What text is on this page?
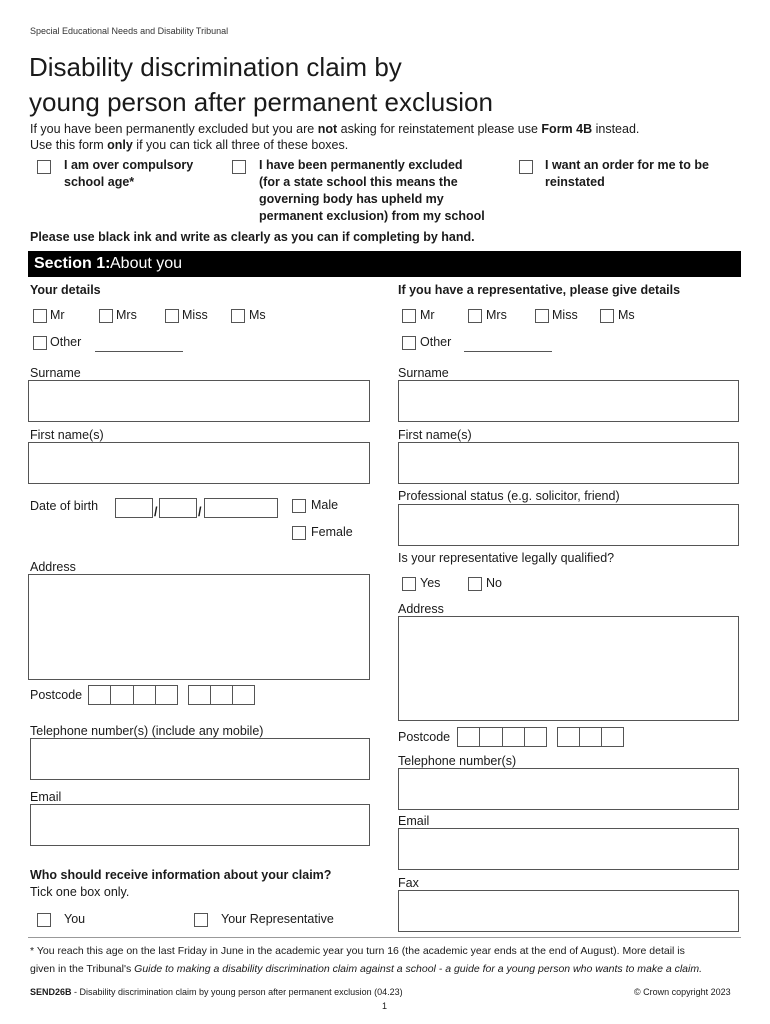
Special Educational Needs and Disability Tribunal
Disability discrimination claim by
young person after permanent exclusion
If you have been permanently excluded but you are not asking for reinstatement please use Form 4B instead.
Use this form only if you can tick all three of these boxes.
I am over compulsory
school age*
I have been permanently excluded
(for a state school this means the
governing body has upheld my
permanent exclusion) from my school
I want an order for me to be
reinstated
Please use black ink and write as clearly as you can if completing by hand.
Section 1: About you
Your details
Mr	Mrs	Miss	Ms
Other
Surname
First name(s)
Date of birth	/	/	Male
Female
Address
Postcode
Telephone number(s) (include any mobile)
Email
Who should receive information about your claim?
Tick one box only.
You	Your Representative
If you have a representative, please give details
Mr	Mrs	Miss	Ms
Other
Surname
First name(s)
Professional status (e.g. solicitor, friend)
Is your representative legally qualified?
Yes	No
Address
Postcode
Telephone number(s)
Email
Fax
* You reach this age on the last Friday in June in the academic year you turn 16 (the academic year ends at the end of August). More detail is
given in the Tribunal's Guide to making a disability discrimination claim against a school - a guide for a young person who wants to make a claim.
SEND26B - Disability discrimination claim by young person after permanent exclusion (04.23)	© Crown copyright 2023
1
